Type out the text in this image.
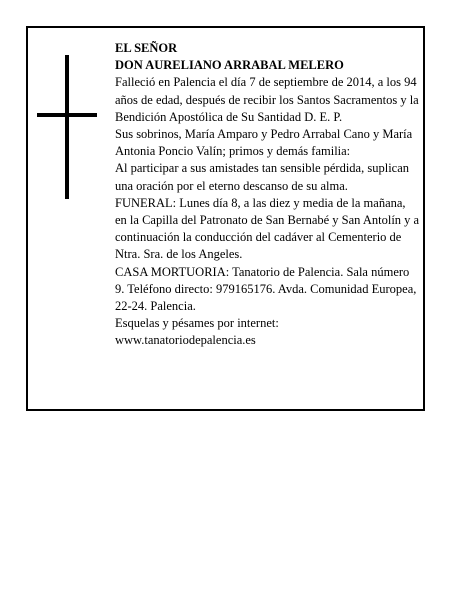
EL SEÑOR

DON AURELIANO ARRABAL MELERO

Falleció en Palencia el día 7 de septiembre de 2014, a los 94 años de edad, después de recibir los Santos Sacramentos y la Bendición Apostólica de Su Santidad D. E. P.

Sus sobrinos, María Amparo y Pedro Arrabal Cano y María Antonia Poncio Valín; primos y demás familia:

Al participar a sus amistades tan sensible pérdida, suplican una oración por el eterno descanso de su alma.

FUNERAL: Lunes día 8, a las diez y media de la mañana, en la Capilla del Patronato de San Bernabé y San Antolín y a continuación la conducción del cadáver al Cementerio de Ntra. Sra. de los Angeles.

CASA MORTUORIA: Tanatorio de Palencia. Sala número 9. Teléfono directo: 979165176. Avda. Comunidad Europea, 22-24. Palencia.

Esquelas y pésames por internet:

www.tanatoriodepalencia.es
